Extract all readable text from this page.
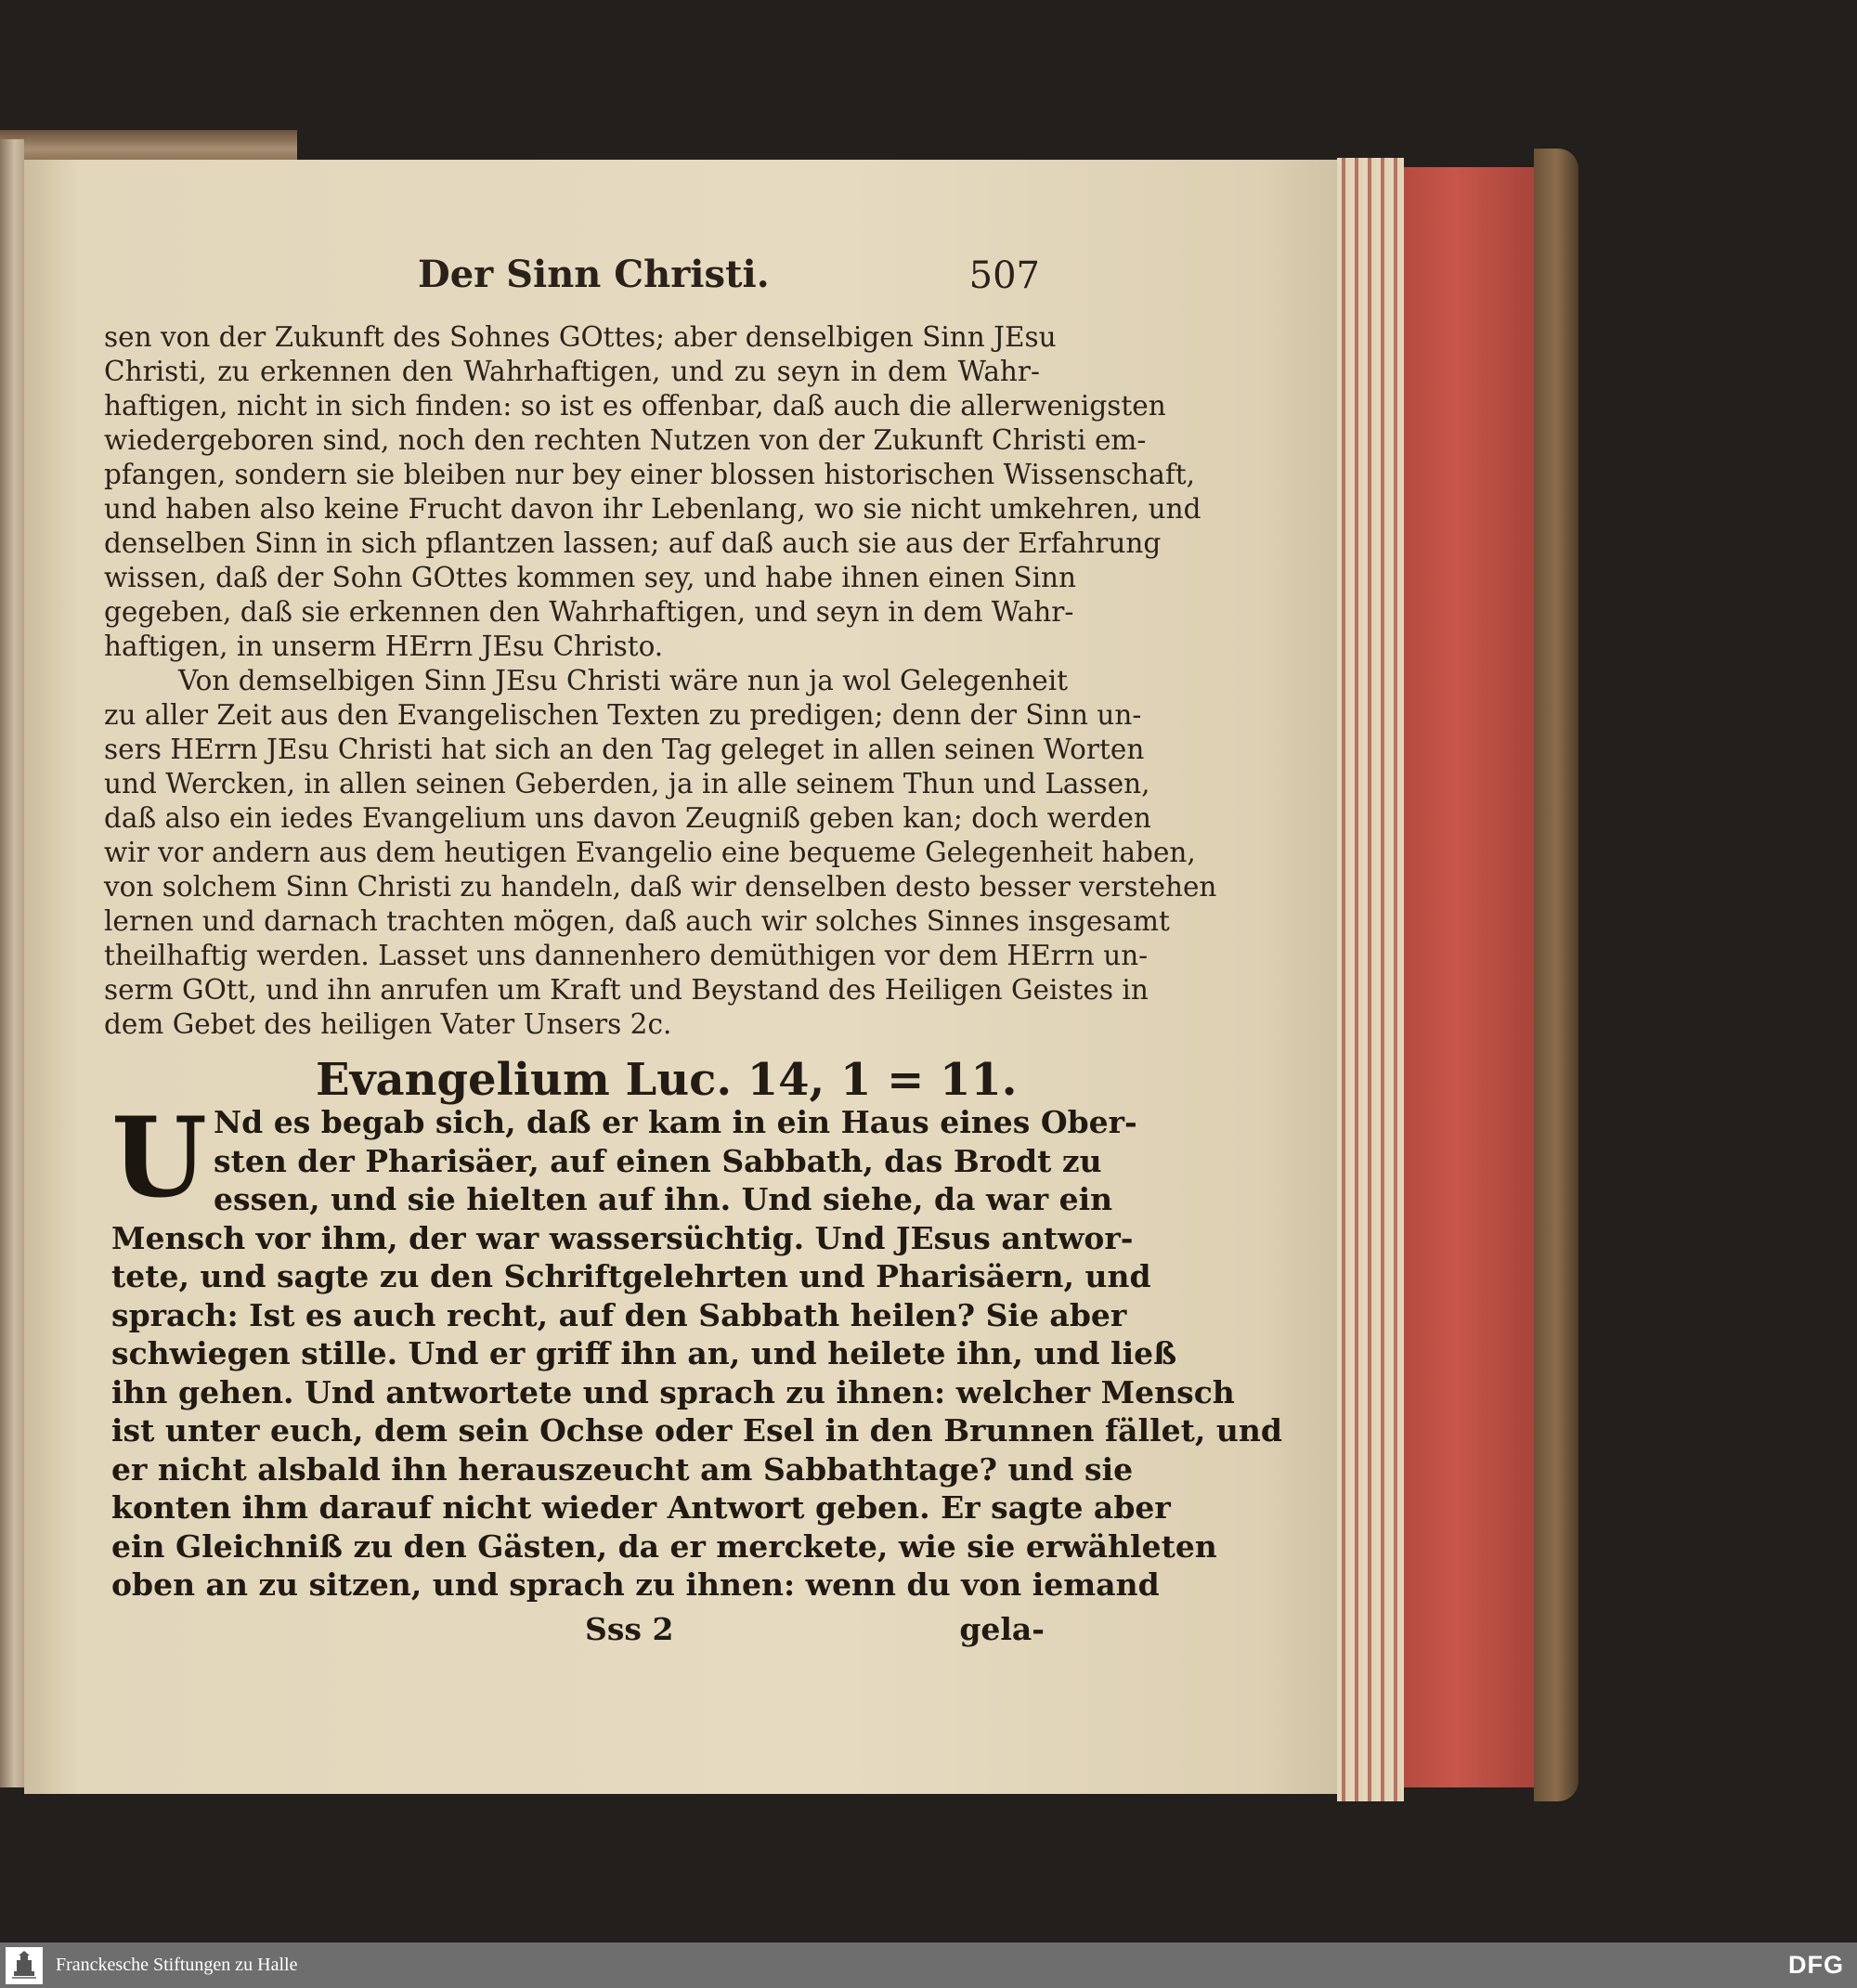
Der Sinn Christi.	507
sen von der Zukunft des Sohnes GOttes; aber denselbigen Sinn JEsu
Christi, zu erkennen den Wahrhaftigen, und zu seyn in dem Wahr-
haftigen, nicht in sich finden: so ist es offenbar, daß auch die allerwenigsten
wiedergeboren sind, noch den rechten Nutzen von der Zukunft Christi em-
pfangen, sondern sie bleiben nur bey einer blossen historischen Wissenschaft,
und haben also keine Frucht davon ihr Lebenlang, wo sie nicht umkehren, und
denselben Sinn in sich pflantzen lassen; auf daß auch sie aus der Erfahrung
wissen, daß der Sohn GOttes kommen sey, und habe ihnen einen Sinn
gegeben, daß sie erkennen den Wahrhaftigen, und seyn in dem Wahr-
haftigen, in unserm HErrn JEsu Christo.
Von demselbigen Sinn JEsu Christi wäre nun ja wol Gelegenheit
zu aller Zeit aus den Evangelischen Texten zu predigen; denn der Sinn un-
sers HErrn JEsu Christi hat sich an den Tag geleget in allen seinen Worten
und Wercken, in allen seinen Geberden, ja in alle seinem Thun und Lassen,
daß also ein iedes Evangelium uns davon Zeugniß geben kan; doch werden
wir vor andern aus dem heutigen Evangelio eine bequeme Gelegenheit haben,
von solchem Sinn Christi zu handeln, daß wir denselben desto besser verstehen
lernen und darnach trachten mögen, daß auch wir solches Sinnes insgesamt
theilhaftig werden. Lasset uns dannenhero demüthigen vor dem HErrn un-
serm GOtt, und ihn anrufen um Kraft und Beystand des Heiligen Geistes in
dem Gebet des heiligen Vater Unsers 2c.
Evangelium Luc. 14, 1 = 11.
U Nd es begab sich, daß er kam in ein Haus eines Ober-
sten der Pharisäer, auf einen Sabbath, das Brodt zu
essen, und sie hielten auf ihn. Und siehe, da war ein
Mensch vor ihm, der war wassersüchtig. Und JEsus antwor-
tete, und sagte zu den Schriftgelehrten und Pharisäern, und
sprach: Ist es auch recht, auf den Sabbath heilen? Sie aber
schwiegen stille. Und er griff ihn an, und heilete ihn, und ließ
ihn gehen. Und antwortete und sprach zu ihnen: welcher Mensch
ist unter euch, dem sein Ochse oder Esel in den Brunnen fället, und
er nicht alsbald ihn herauszeucht am Sabbathtage? und sie
konten ihm darauf nicht wieder Antwort geben. Er sagte aber
ein Gleichniß zu den Gästen, da er merckete, wie sie erwähleten
oben an zu sitzen, und sprach zu ihnen: wenn du von iemand
Sss 2	gela-
Franckesche Stiftungen zu Halle	DFG
